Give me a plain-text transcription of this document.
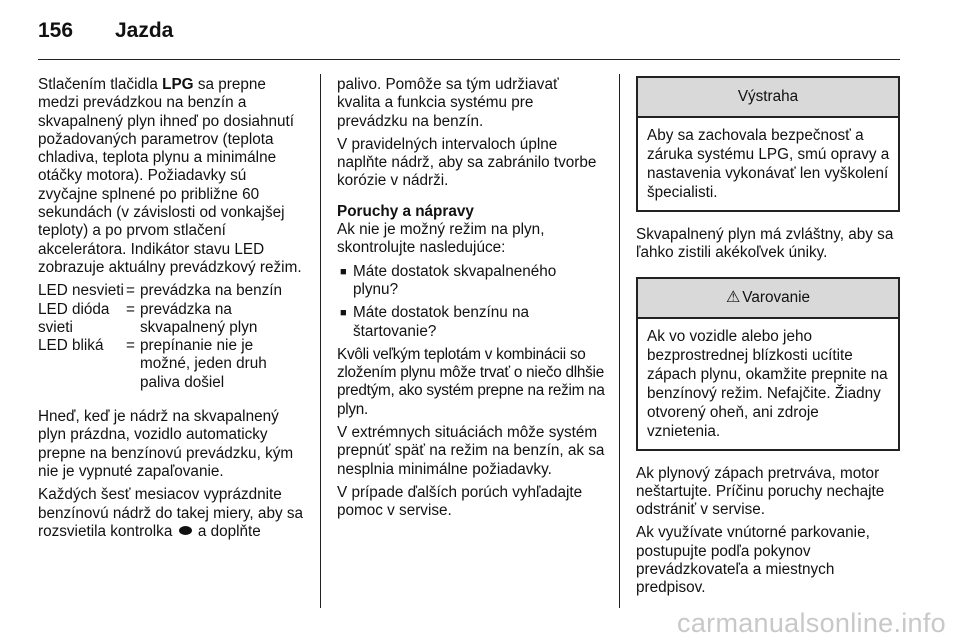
156 Jazda

Stlačením tlačidla LPG sa prepne medzi prevádzkou na benzín a skvapalnený plyn ihneď po dosiahnutí požadovaných parametrov (teplota chladiva, teplota plynu a minimálne otáčky motora). Požiadavky sú zvyčajne splnené po približne 60 sekundách (v závislosti od vonkajšej teploty) a po prvom stlačení akcelerátora. Indikátor stavu LED zobrazuje aktuálny prevádzkový režim.

LED nesvieti = prevádzka na benzín
LED dióda svieti
= prevádzka na skvapalnený plyn
LED bliká	= prepínanie nie je možné, jeden druh paliva došiel

Hneď, keď je nádrž na skvapalnený plyn prázdna, vozidlo automaticky prepne na benzínovú prevádzku, kým nie je vypnuté zapaľovanie.

Každých šesť mesiacov vyprázdnite benzínovú nádrž do takej miery, aby sa rozsvietila kontrolka a doplňte

palivo. Pomôže sa tým udržiavať kvalita a funkcia systému pre prevádzku na benzín.

V pravidelných intervaloch úplne naplňte nádrž, aby sa zabránilo tvorbe korózie v nádrži.

Poruchy a nápravy

Ak nie je možný režim na plyn, skontrolujte nasledujúce:

■ Máte dostatok skvapalneného plynu?
■ Máte dostatok benzínu na štartovanie?

Kvôli veľkým teplotám v kombinácii so zložením plynu môže trvať o niečo dlhšie predtým, ako systém prepne na režim na plyn.

V extrémnych situáciách môže systém prepnúť späť na režim na benzín, ak sa nesplnia minimálne požiadavky.

V prípade ďalších porúch vyhľadajte pomoc v servise.

Výstraha
Aby sa zachovala bezpečnosť a záruka systému LPG, smú opravy a nastavenia vykonávať len vyškolení špecialisti.

Skvapalnený plyn má zvláštny, aby sa ľahko zistili akékoľvek úniky.

⚠ Varovanie
Ak vo vozidle alebo jeho bezprostrednej blízkosti ucítite zápach plynu, okamžite prepnite na benzínový režim. Nefajčite. Žiadny otvorený oheň, ani zdroje vznietenia.

Ak plynový zápach pretrváva, motor neštartujte. Príčinu poruchy nechajte odstrániť v servise.

Ak využívate vnútorné parkovanie, postupujte podľa pokynov prevádzkovateľa a miestnych predpisov.

carmanualsonline.info
